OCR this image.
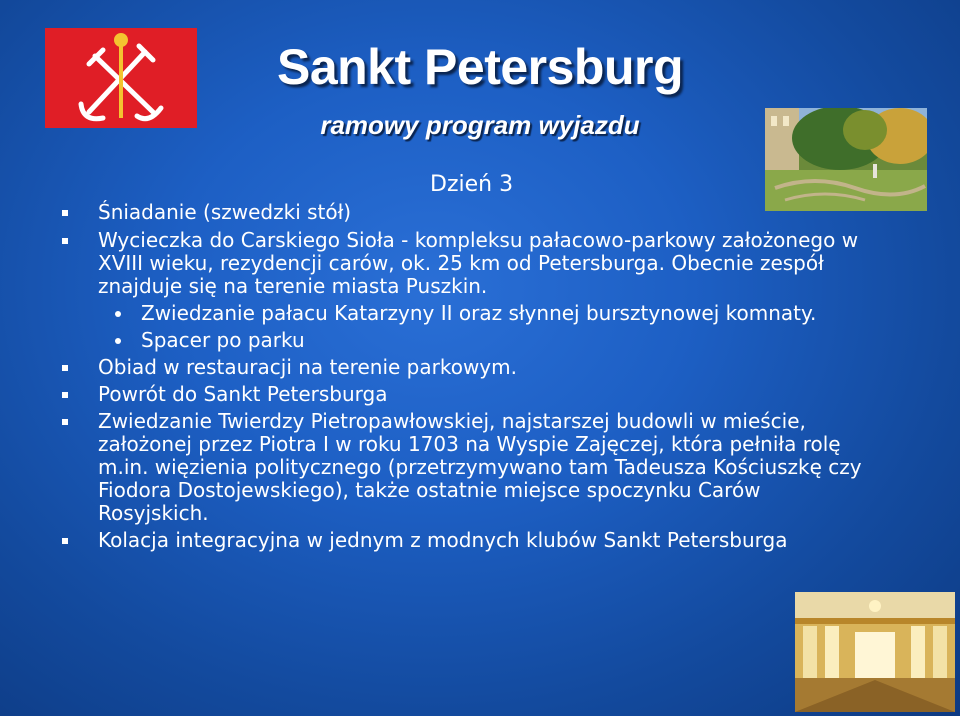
Sankt Petersburg
ramowy program wyjazdu
Dzień 3
Śniadanie (szwedzki stół)
Wycieczka do Carskiego Sioła - kompleksu pałacowo-parkowy założonego w XVIII wieku, rezydencji carów, ok. 25 km od Petersburga. Obecnie zespół znajduje się na terenie miasta Puszkin.
Zwiedzanie pałacu Katarzyny II oraz słynnej bursztynowej komnaty.
Spacer po parku
Obiad w restauracji na terenie parkowym.
Powrót do Sankt Petersburga
Zwiedzanie Twierdzy Pietropawłowskiej, najstarszej budowli w mieście, założonej przez Piotra I w roku 1703 na Wyspie Zajęczej, która pełniła rolę m.in. więzienia politycznego (przetrzymywano tam Tadeusza Kościuszkę czy Fiodora Dostojewskiego), także ostatnie miejsce spoczynku Carów Rosyjskich.
Kolacja integracyjna w jednym z modnych klubów Sankt Petersburga
